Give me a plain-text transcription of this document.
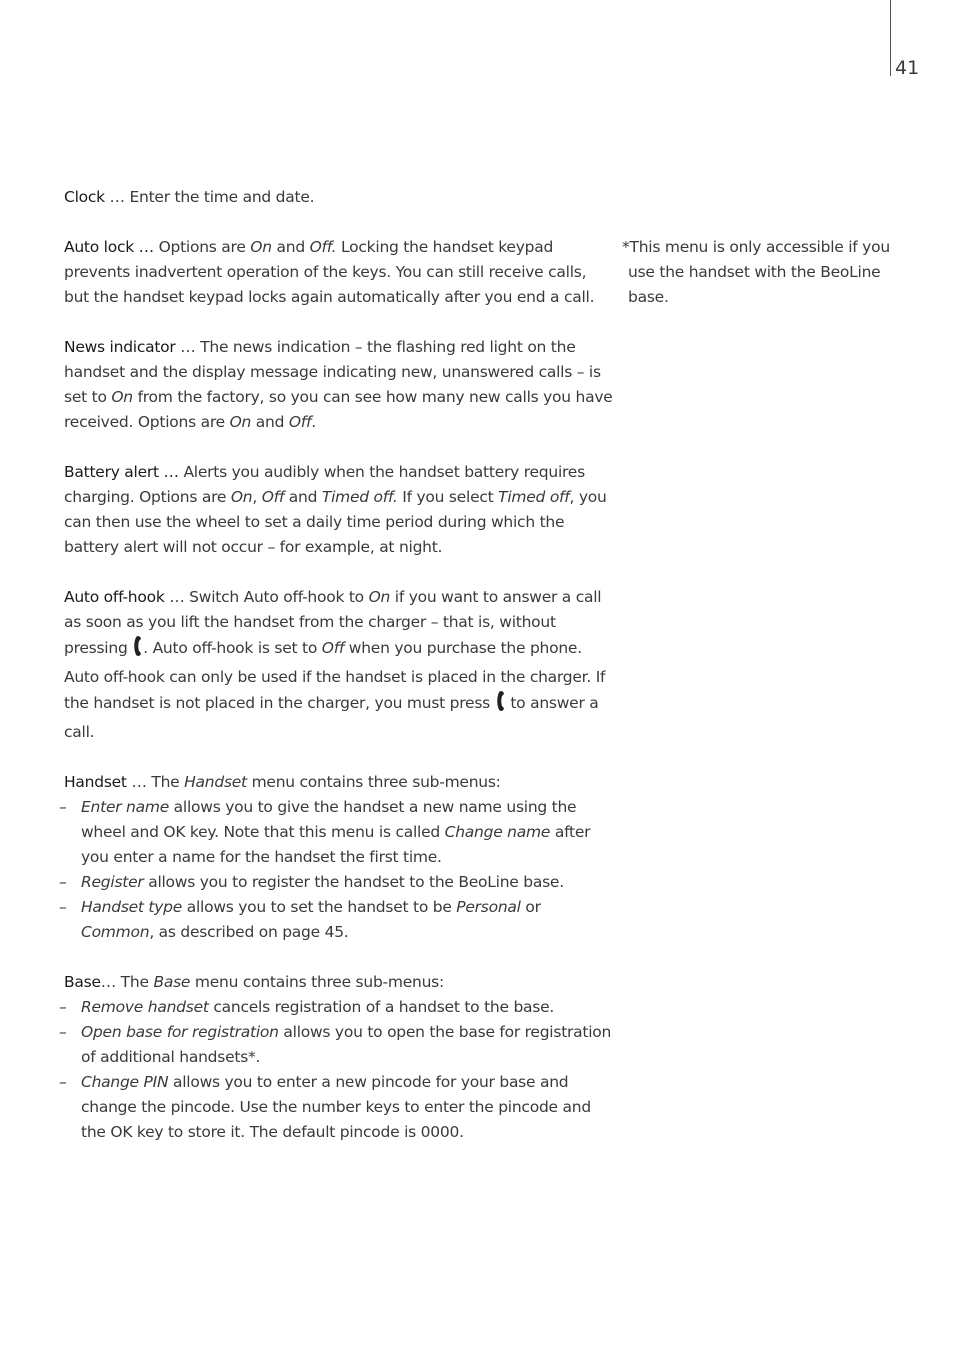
41

Clock … Enter the time and date.

Auto lock … Options are On and Off. Locking the handset keypad prevents inadvertent operation of the keys. You can still receive calls, but the handset keypad locks again automatically after you end a call.

News indicator … The news indication – the flashing red light on the handset and the display message indicating new, unanswered calls – is set to On from the factory, so you can see how many new calls you have received. Options are On and Off.

Battery alert … Alerts you audibly when the handset battery requires charging. Options are On, Off and Timed off. If you select Timed off, you can then use the wheel to set a daily time period during which the battery alert will not occur – for example, at night.

Auto off-hook … Switch Auto off-hook to On if you want to answer a call as soon as you lift the handset from the charger – that is, without pressing . Auto off-hook is set to Off when you purchase the phone. Auto off-hook can only be used if the handset is placed in the charger. If the handset is not placed in the charger, you must press  to answer a call.

Handset … The Handset menu contains three sub-menus:

– Enter name allows you to give the handset a new name using the wheel and OK key. Note that this menu is called Change name after you enter a name for the handset the first time.
– Register allows you to register the handset to the BeoLine base.
– Handset type allows you to set the handset to be Personal or Common, as described on page 45.

Base… The Base menu contains three sub-menus:

– Remove handset cancels registration of a handset to the base.
– Open base for registration allows you to open the base for registration of additional handsets*.
– Change PIN allows you to enter a new pincode for your base and change the pincode. Use the number keys to enter the pincode and the OK key to store it. The default pincode is 0000.
*This menu is only accessible if you
use the handset with the BeoLine
base.
